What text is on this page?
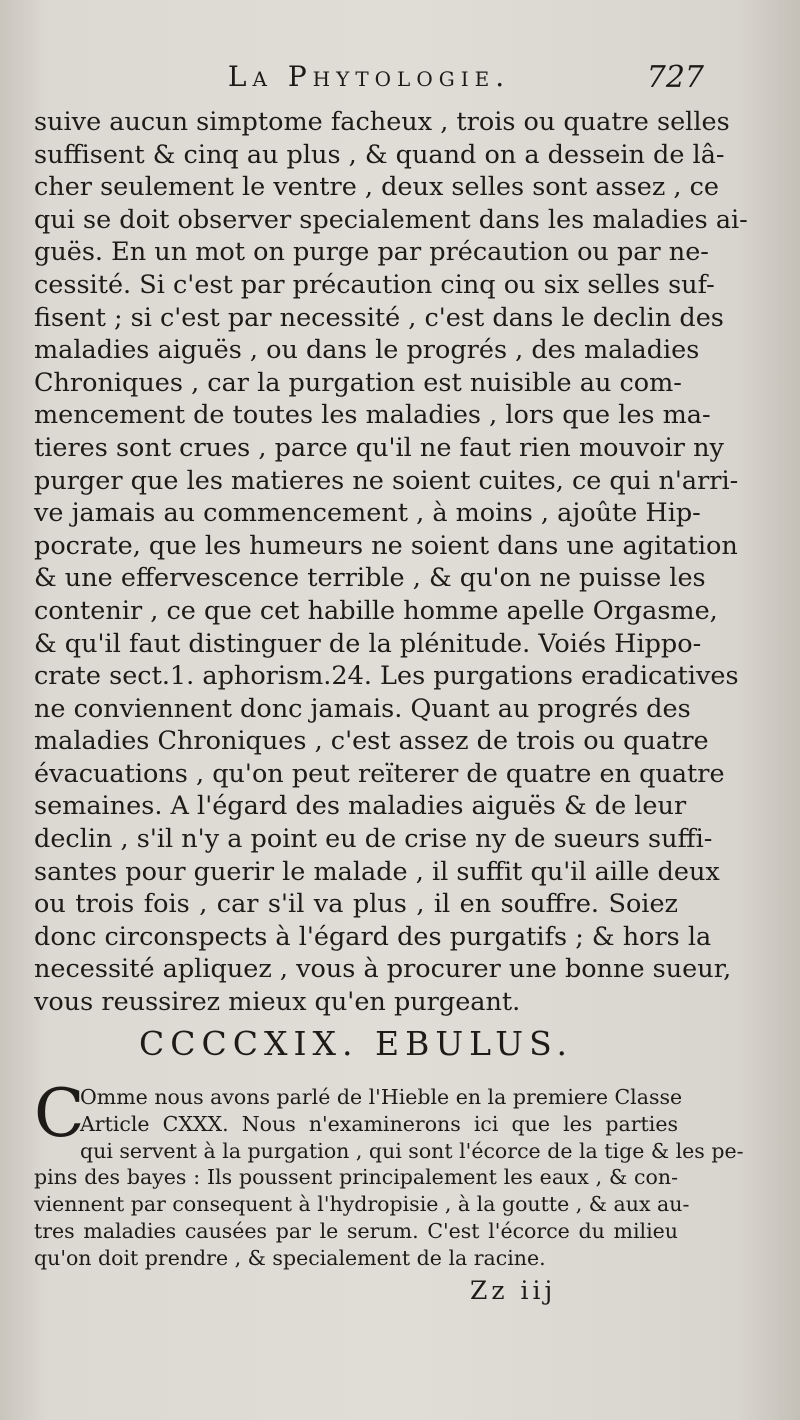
La Phytologie.	727
suive aucun simptome facheux , trois ou quatre selles
suffisent & cinq au plus , & quand on a dessein de lâ-
cher seulement le ventre , deux selles sont assez , ce
qui se doit observer specialement dans les maladies ai-
guës. En un mot on purge par précaution ou par ne-
cessité. Si c'est par précaution cinq ou six selles suf-
fisent ; si c'est par necessité , c'est dans le declin des
maladies aiguës , ou dans le progrés , des maladies
Chroniques , car la purgation est nuisible au com-
mencement de toutes les maladies , lors que les ma-
tieres sont crues , parce qu'il ne faut rien mouvoir ny
purger que les matieres ne soient cuites, ce qui n'arri-
ve jamais au commencement , à moins , ajoûte Hip-
pocrate, que les humeurs ne soient dans une agitation
& une effervescence terrible , & qu'on ne puisse les
contenir , ce que cet habille homme apelle Orgasme,
& qu'il faut distinguer de la plénitude. Voiés Hippo-
crate sect.1. aphorism.24. Les purgations eradicatives
ne conviennent donc jamais. Quant au progrés des
maladies Chroniques , c'est assez de trois ou quatre
évacuations , qu'on peut reïterer de quatre en quatre
semaines. A l'égard des maladies aiguës & de leur
declin , s'il n'y a point eu de crise ny de sueurs suffi-
santes pour guerir le malade , il suffit qu'il aille deux
ou trois fois , car s'il va plus , il en souffre. Soiez
donc circonspects à l'égard des purgatifs ; & hors la
necessité apliquez , vous à procurer une bonne sueur,
vous reussirez mieux qu'en purgeant.
CCCCXIX. EBULUS.
C
Omme nous avons parlé de l'Hieble en la premiere Classe
Article CXXX. Nous n'examinerons ici que les parties
qui servent à la purgation , qui sont l'écorce de la tige & les pe-
pins des bayes : Ils poussent principalement les eaux , & con-
viennent par consequent à l'hydropisie , à la goutte , & aux au-
tres maladies causées par le serum. C'est l'écorce du milieu
qu'on doit prendre , & specialement de la racine.
Zz iij
